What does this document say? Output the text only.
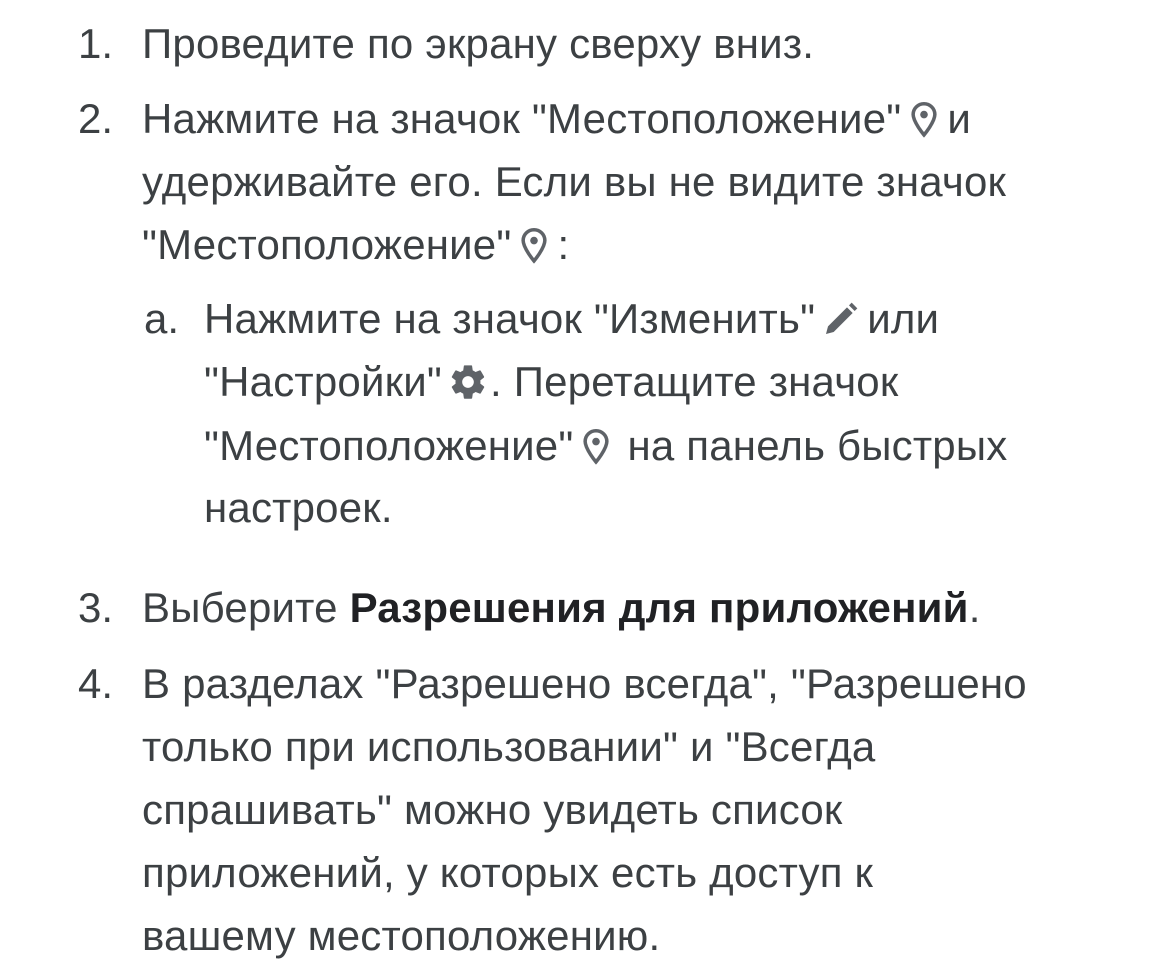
1. Проведите по экрану сверху вниз.
2. Нажмите на значок "Местоположение" и
удерживайте его. Если вы не видите значок
"Местоположение" :
a. Нажмите на значок "Изменить" или
"Настройки" . Перетащите значок
"Местоположение" на панель быстрых
настроек.
3. Выберите Разрешения для приложений.
4. В разделах "Разрешено всегда", "Разрешено
только при использовании" и "Всегда
спрашивать" можно увидеть список
приложений, у которых есть доступ к
вашему местоположению.
